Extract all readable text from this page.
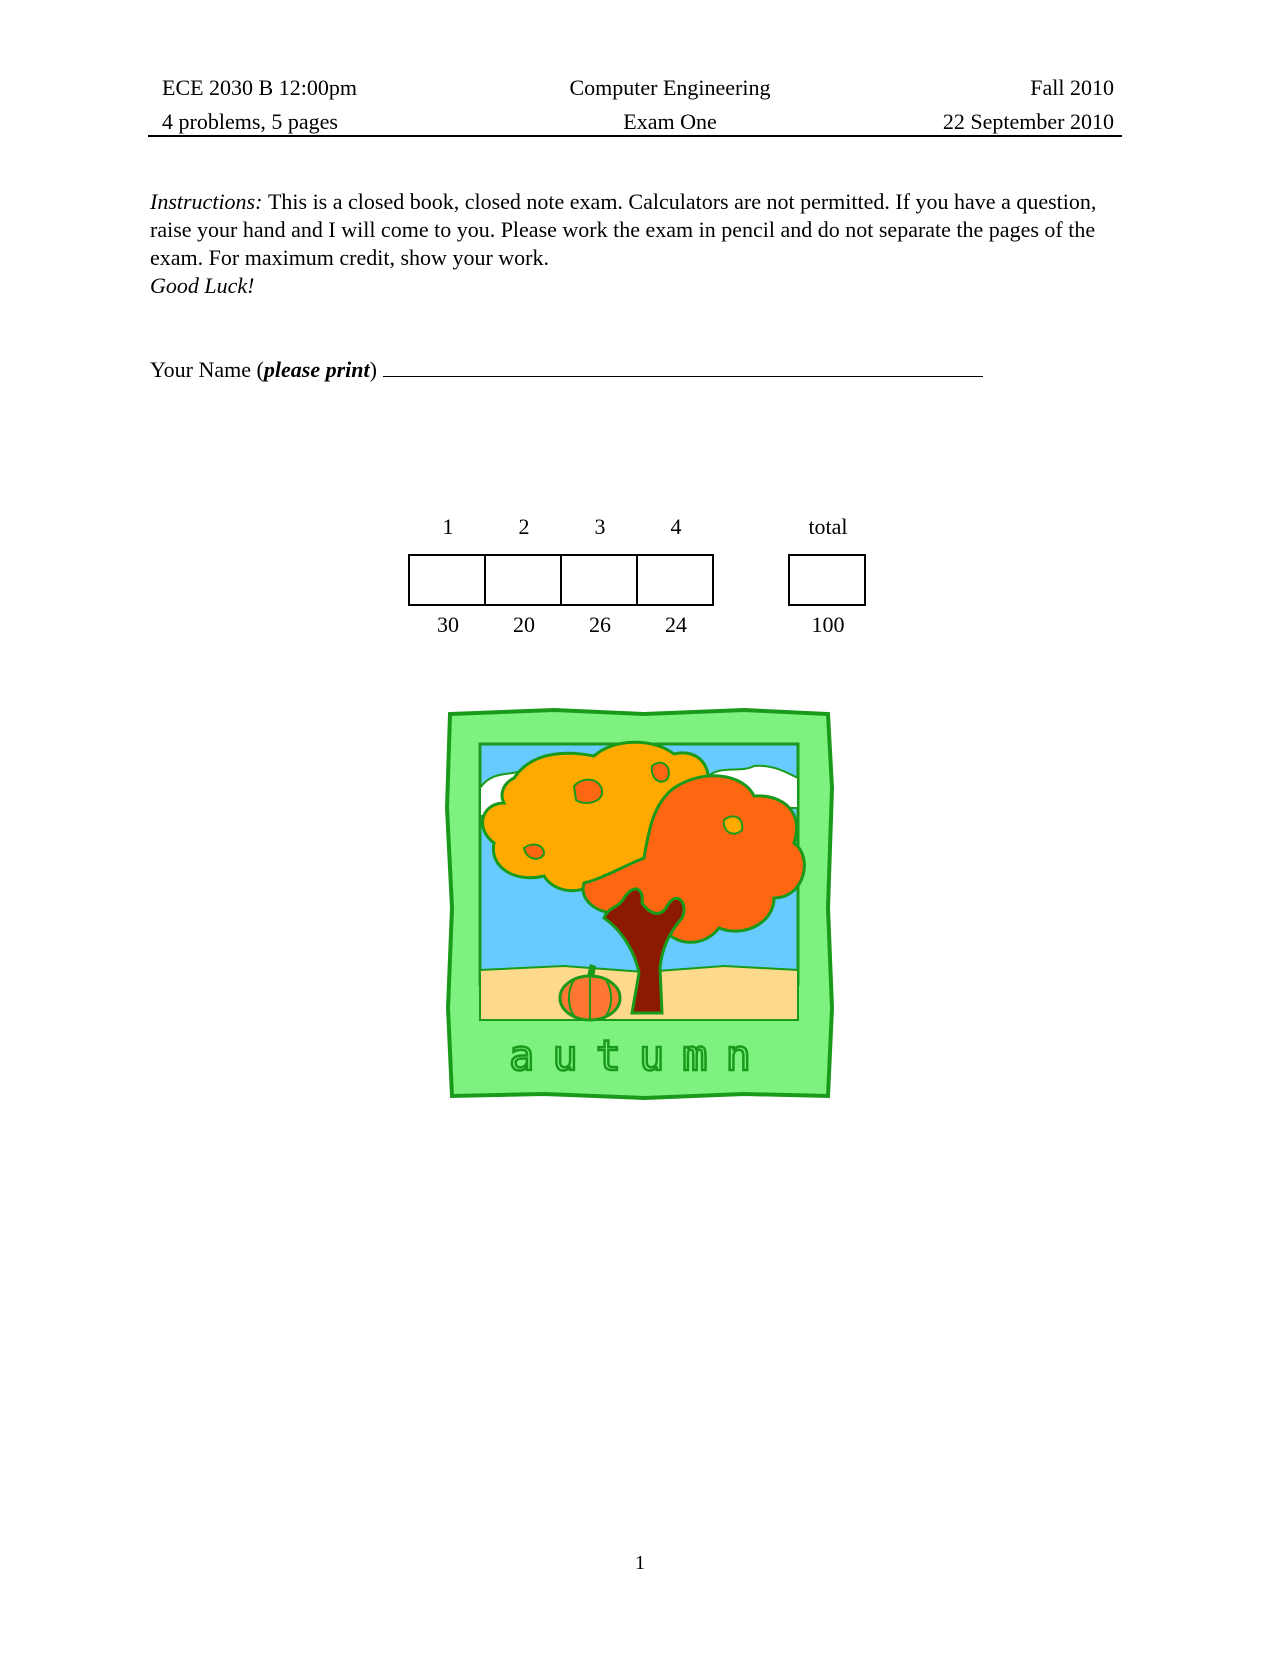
ECE 2030 B 12:00pm	Computer Engineering	Fall 2010
4 problems, 5 pages	Exam One	22 September 2010

Instructions: This is a closed book, closed note exam. Calculators are not permitted. If you have a question, raise your hand and I will come to you. Please work the exam in pencil and do not separate the pages of the exam. For maximum credit, show your work.

Good Luck!

Your Name (please print)
1	2	3	4	total
30	20	26	24	100
autumn
1
